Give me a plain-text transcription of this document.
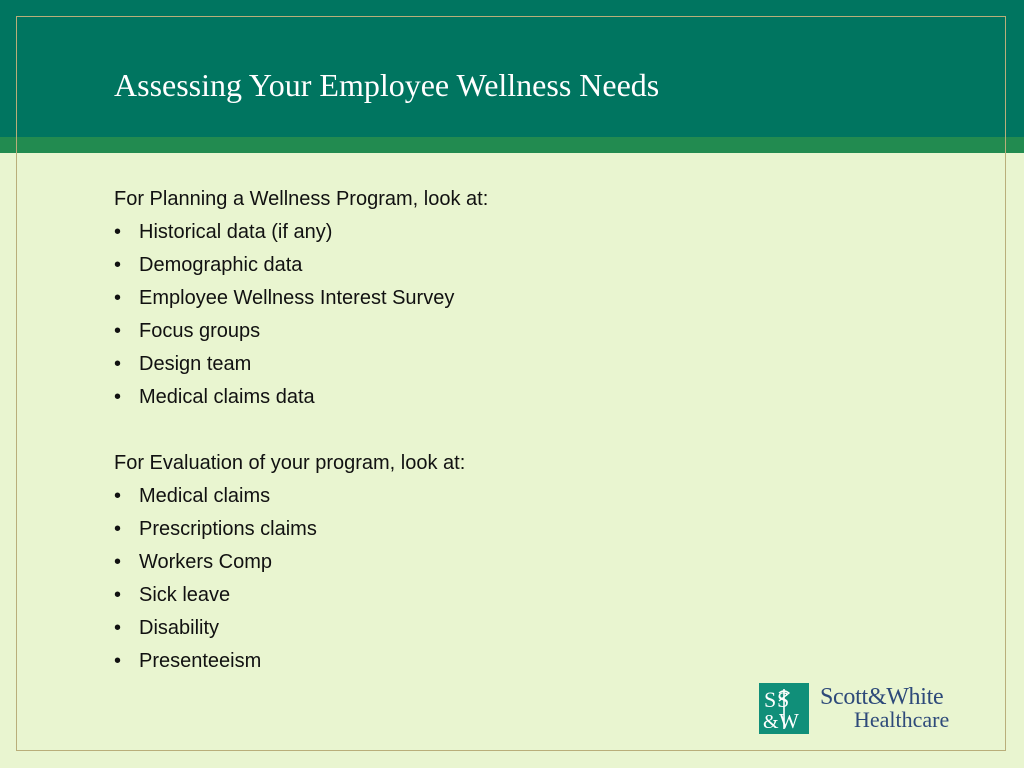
Assessing Your Employee Wellness Needs
For Planning a Wellness Program, look at:
• Historical data (if any)
• Demographic data
• Employee Wellness Interest Survey
• Focus groups
• Design team
• Medical claims data
For Evaluation of your program, look at:
• Medical claims
• Prescriptions claims
• Workers Comp
• Sick leave
• Disability
• Presenteeism
S S
& W
Scott&White
Healthcare
